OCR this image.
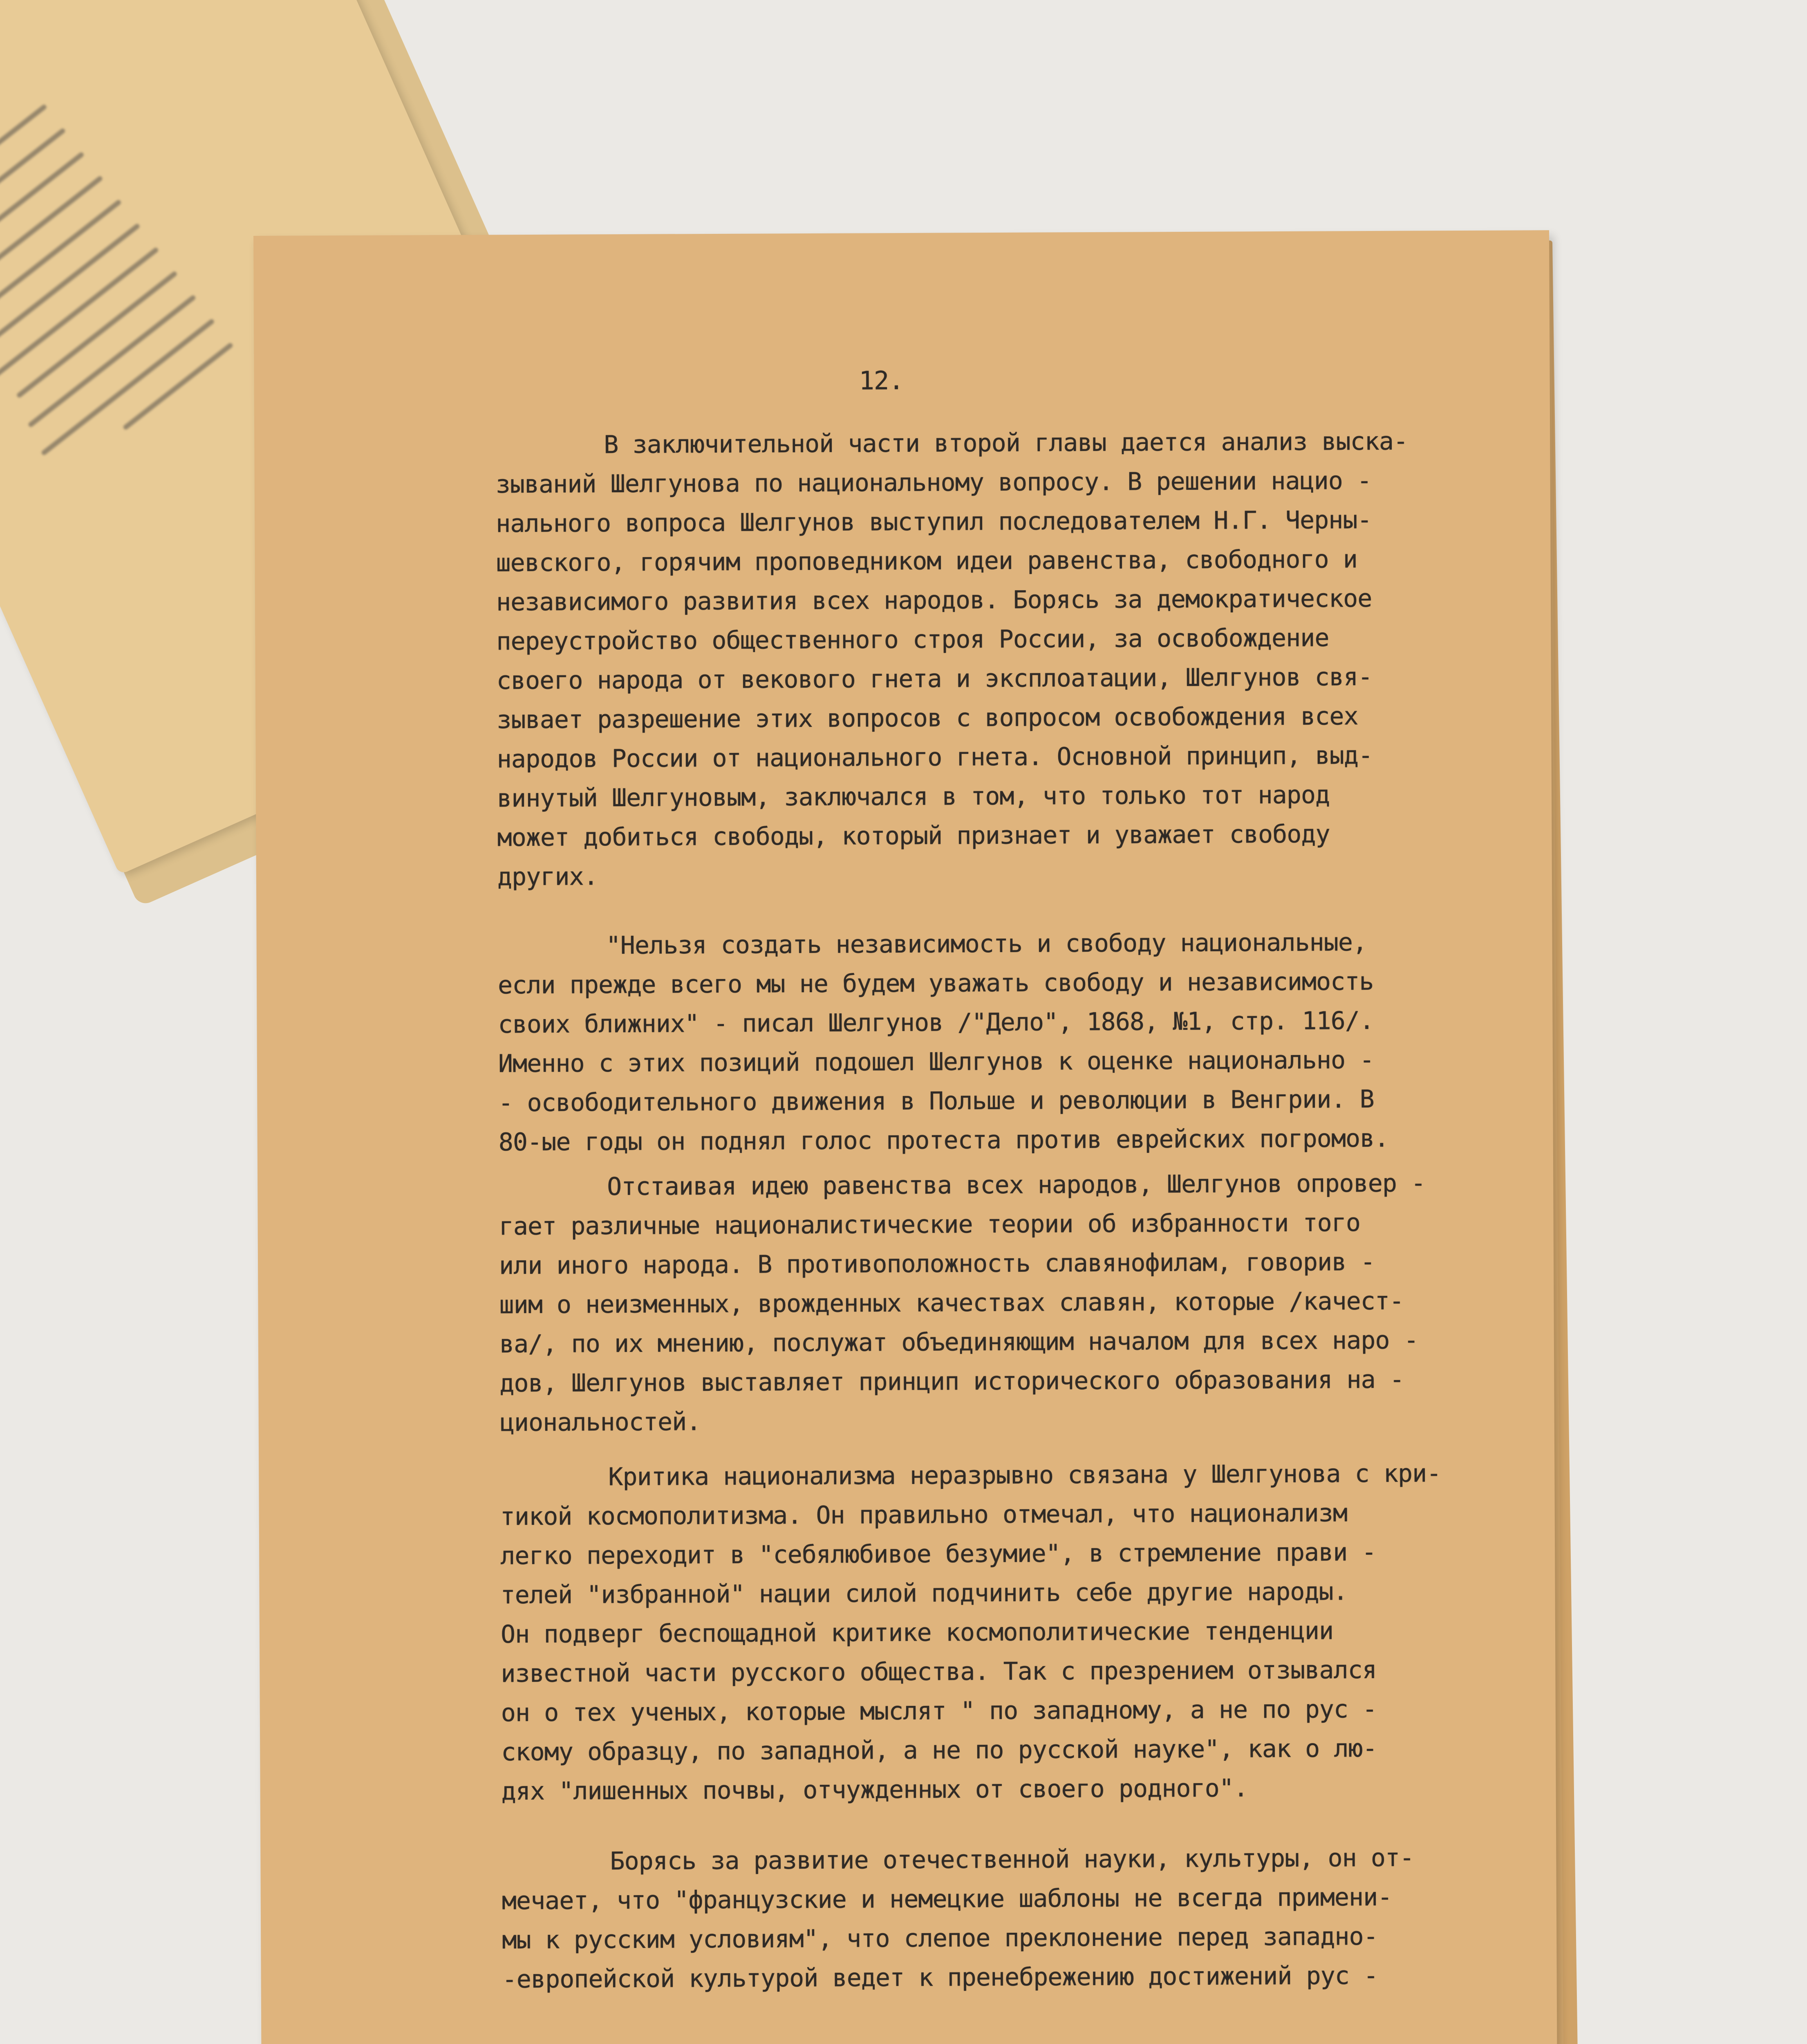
12.
В заключительной части второй главы дается анализ выска-
зываний Шелгунова по национальному вопросу. В решении нацио -
нального вопроса Шелгунов выступил последователем Н.Г. Черны-
шевского, горячим проповедником идеи равенства, свободного и
независимого развития всех народов. Борясь за демократическое
переустройство общественного строя России, за освобождение
своего народа от векового гнета и эксплоатации, Шелгунов свя-
зывает разрешение этих вопросов с вопросом освобождения всех
народов России от национального гнета. Основной принцип, выд-
винутый Шелгуновым, заключался в том, что только тот народ
может добиться свободы, который признает и уважает свободу
других.
"Нельзя создать независимость и свободу национальные,
если прежде всего мы не будем уважать свободу и независимость
своих ближних" - писал Шелгунов /"Дело", 1868, №1, стр. 116/.
Именно с этих позиций подошел Шелгунов к оценке национально -
- освободительного движения в Польше и революции в Венгрии. В
80-ые годы он поднял голос протеста против еврейских погромов.
Отстаивая идею равенства всех народов, Шелгунов опровер -
гает различные националистические теории об избранности того
или иного народа. В противоположность славянофилам, говорив -
шим о неизменных, врожденных качествах славян, которые /качест-
ва/, по их мнению, послужат объединяющим началом для всех наро -
дов, Шелгунов выставляет принцип исторического образования на -
циональностей.
Критика национализма неразрывно связана у Шелгунова с кри-
тикой космополитизма. Он правильно отмечал, что национализм
легко переходит в "себялюбивое безумие", в стремление прави -
телей "избранной" нации силой подчинить себе другие народы.
Он подверг беспощадной критике космополитические тенденции
известной части русского общества. Так с презрением отзывался
он о тех ученых, которые мыслят " по западному, а не по рус -
скому образцу, по западной, а не по русской науке", как о лю-
дях "лишенных почвы, отчужденных от своего родного".
Борясь за развитие отечественной науки, культуры, он от-
мечает, что "французские и немецкие шаблоны не всегда примени-
мы к русским условиям", что слепое преклонение перед западно-
-европейской культурой ведет к пренебрежению достижений рус -
